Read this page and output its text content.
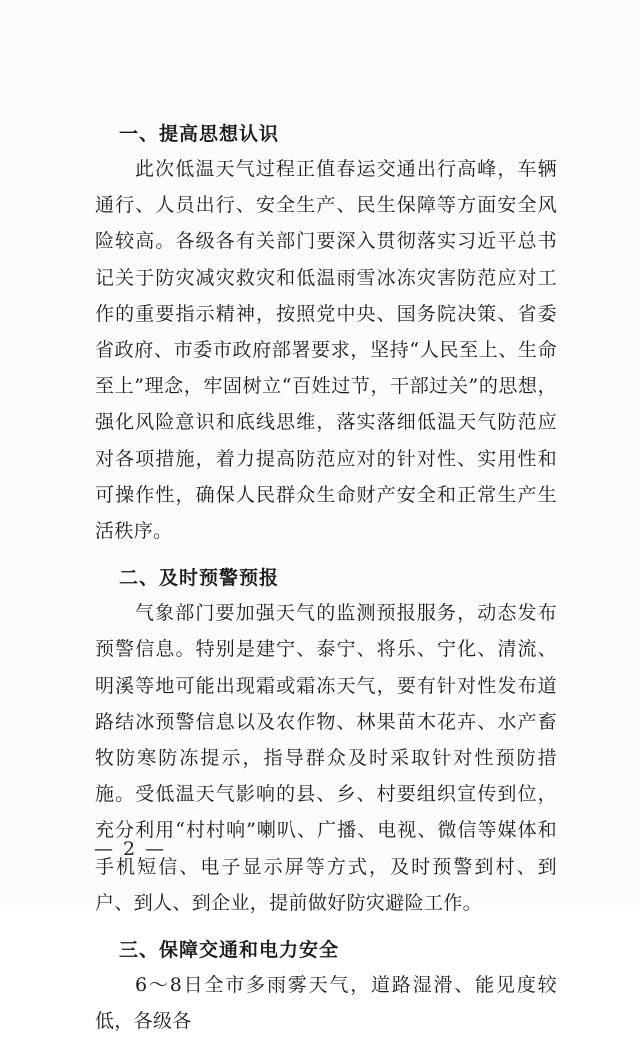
一、提高思想认识

此次低温天气过程正值春运交通出行高峰，车辆通行、人员出行、安全生产、民生保障等方面安全风险较高。各级各有关部门要深入贯彻落实习近平总书记关于防灾减灾救灾和低温雨雪冰冻灾害防范应对工作的重要指示精神，按照党中央、国务院决策、省委省政府、市委市政府部署要求，坚持“人民至上、生命至上”理念，牢固树立“百姓过节，干部过关”的思想，强化风险意识和底线思维，落实落细低温天气防范应对各项措施，着力提高防范应对的针对性、实用性和可操作性，确保人民群众生命财产安全和正常生产生活秩序。

二、及时预警预报

气象部门要加强天气的监测预报服务，动态发布预警信息。特别是建宁、泰宁、将乐、宁化、清流、明溪等地可能出现霜或霜冻天气，要有针对性发布道路结冰预警信息以及农作物、林果苗木花卉、水产畜牧防寒防冻提示，指导群众及时采取针对性预防措施。受低温天气影响的县、乡、村要组织宣传到位，充分利用“村村响”喇叭、广播、电视、微信等媒体和手机短信、电子显示屏等方式，及时预警到村、到户、到人、到企业，提前做好防灾避险工作。

三、保障交通和电力安全

6～8日全市多雨雾天气，道路湿滑、能见度较低，各级各

— 2 —
